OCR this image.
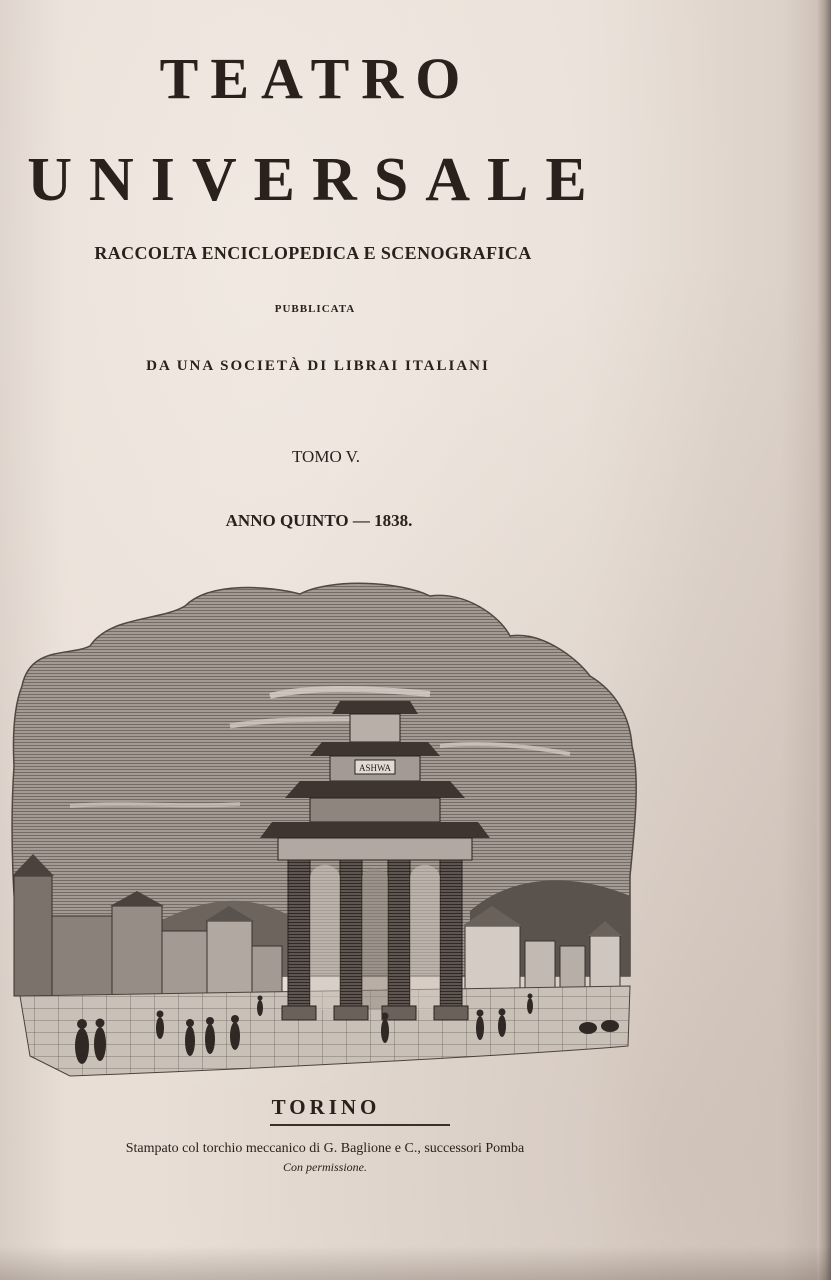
TEATRO
UNIVERSALE
RACCOLTA ENCICLOPEDICA E SCENOGRAFICA
PUBBLICATA
DA UNA SOCIETÀ DI LIBRAI ITALIANI
TOMO V.
ANNO QUINTO — 1838.
ASHWA
TORINO
Stampato col torchio meccanico di G. Baglione e C., successori Pomba
Con permissione.
